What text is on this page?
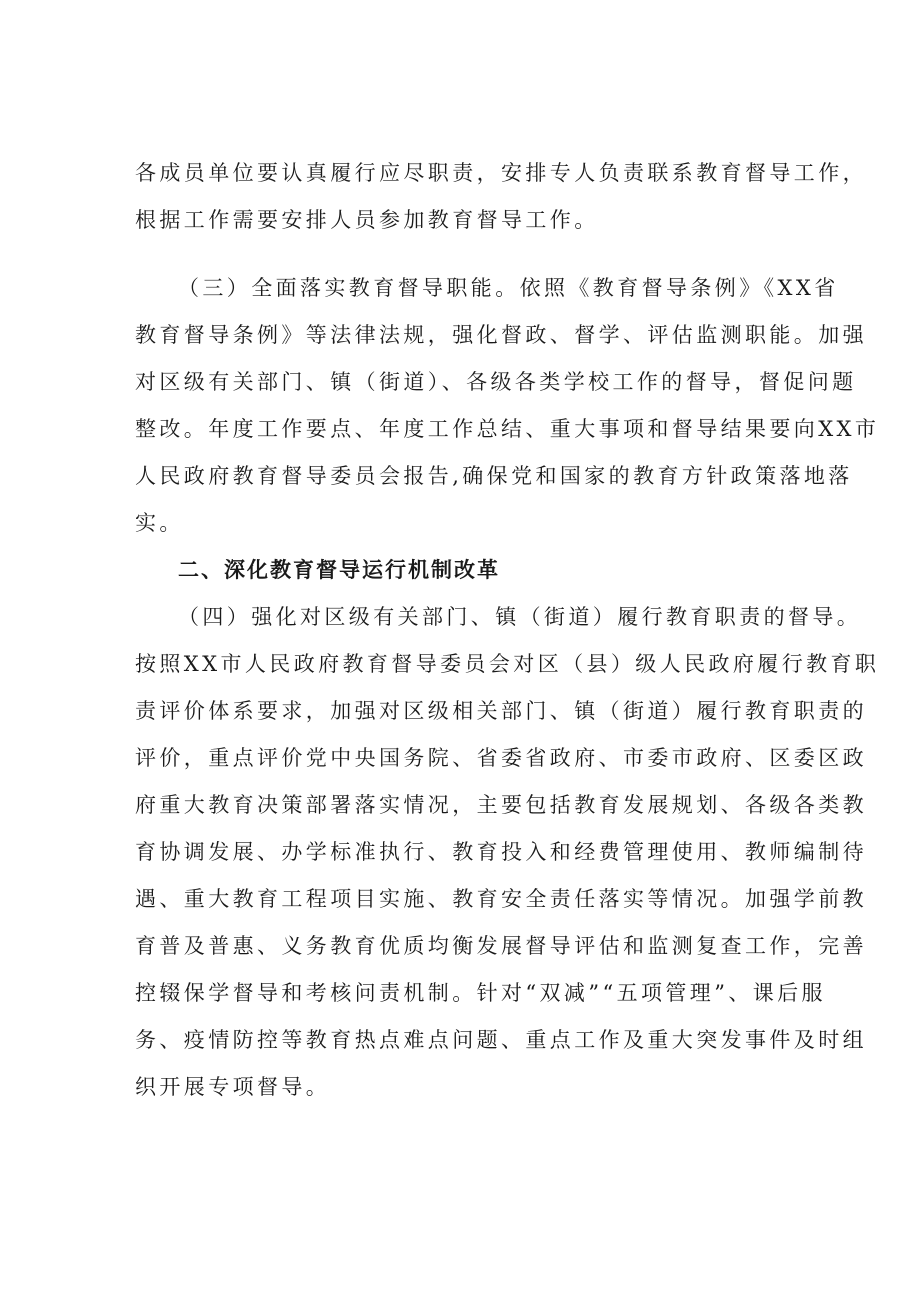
各成员单位要认真履行应尽职责，安排专人负责联系教育督导工作，
根据工作需要安排人员参加教育督导工作。
（三）全面落实教育督导职能。依照《教育督导条例》《XX省
教育督导条例》等法律法规，强化督政、督学、评估监测职能。加强
对区级有关部门、镇（街道）、各级各类学校工作的督导，督促问题
整改。年度工作要点、年度工作总结、重大事项和督导结果要向XX市
人民政府教育督导委员会报告,确保党和国家的教育方针政策落地落
实。
二、深化教育督导运行机制改革
（四）强化对区级有关部门、镇（街道）履行教育职责的督导。
按照XX市人民政府教育督导委员会对区（县）级人民政府履行教育职
责评价体系要求，加强对区级相关部门、镇（街道）履行教育职责的
评价，重点评价党中央国务院、省委省政府、市委市政府、区委区政
府重大教育决策部署落实情况，主要包括教育发展规划、各级各类教
育协调发展、办学标准执行、教育投入和经费管理使用、教师编制待
遇、重大教育工程项目实施、教育安全责任落实等情况。加强学前教
育普及普惠、义务教育优质均衡发展督导评估和监测复查工作，完善
控辍保学督导和考核问责机制。针对“双减”“五项管理”、课后服
务、疫情防控等教育热点难点问题、重点工作及重大突发事件及时组
织开展专项督导。
